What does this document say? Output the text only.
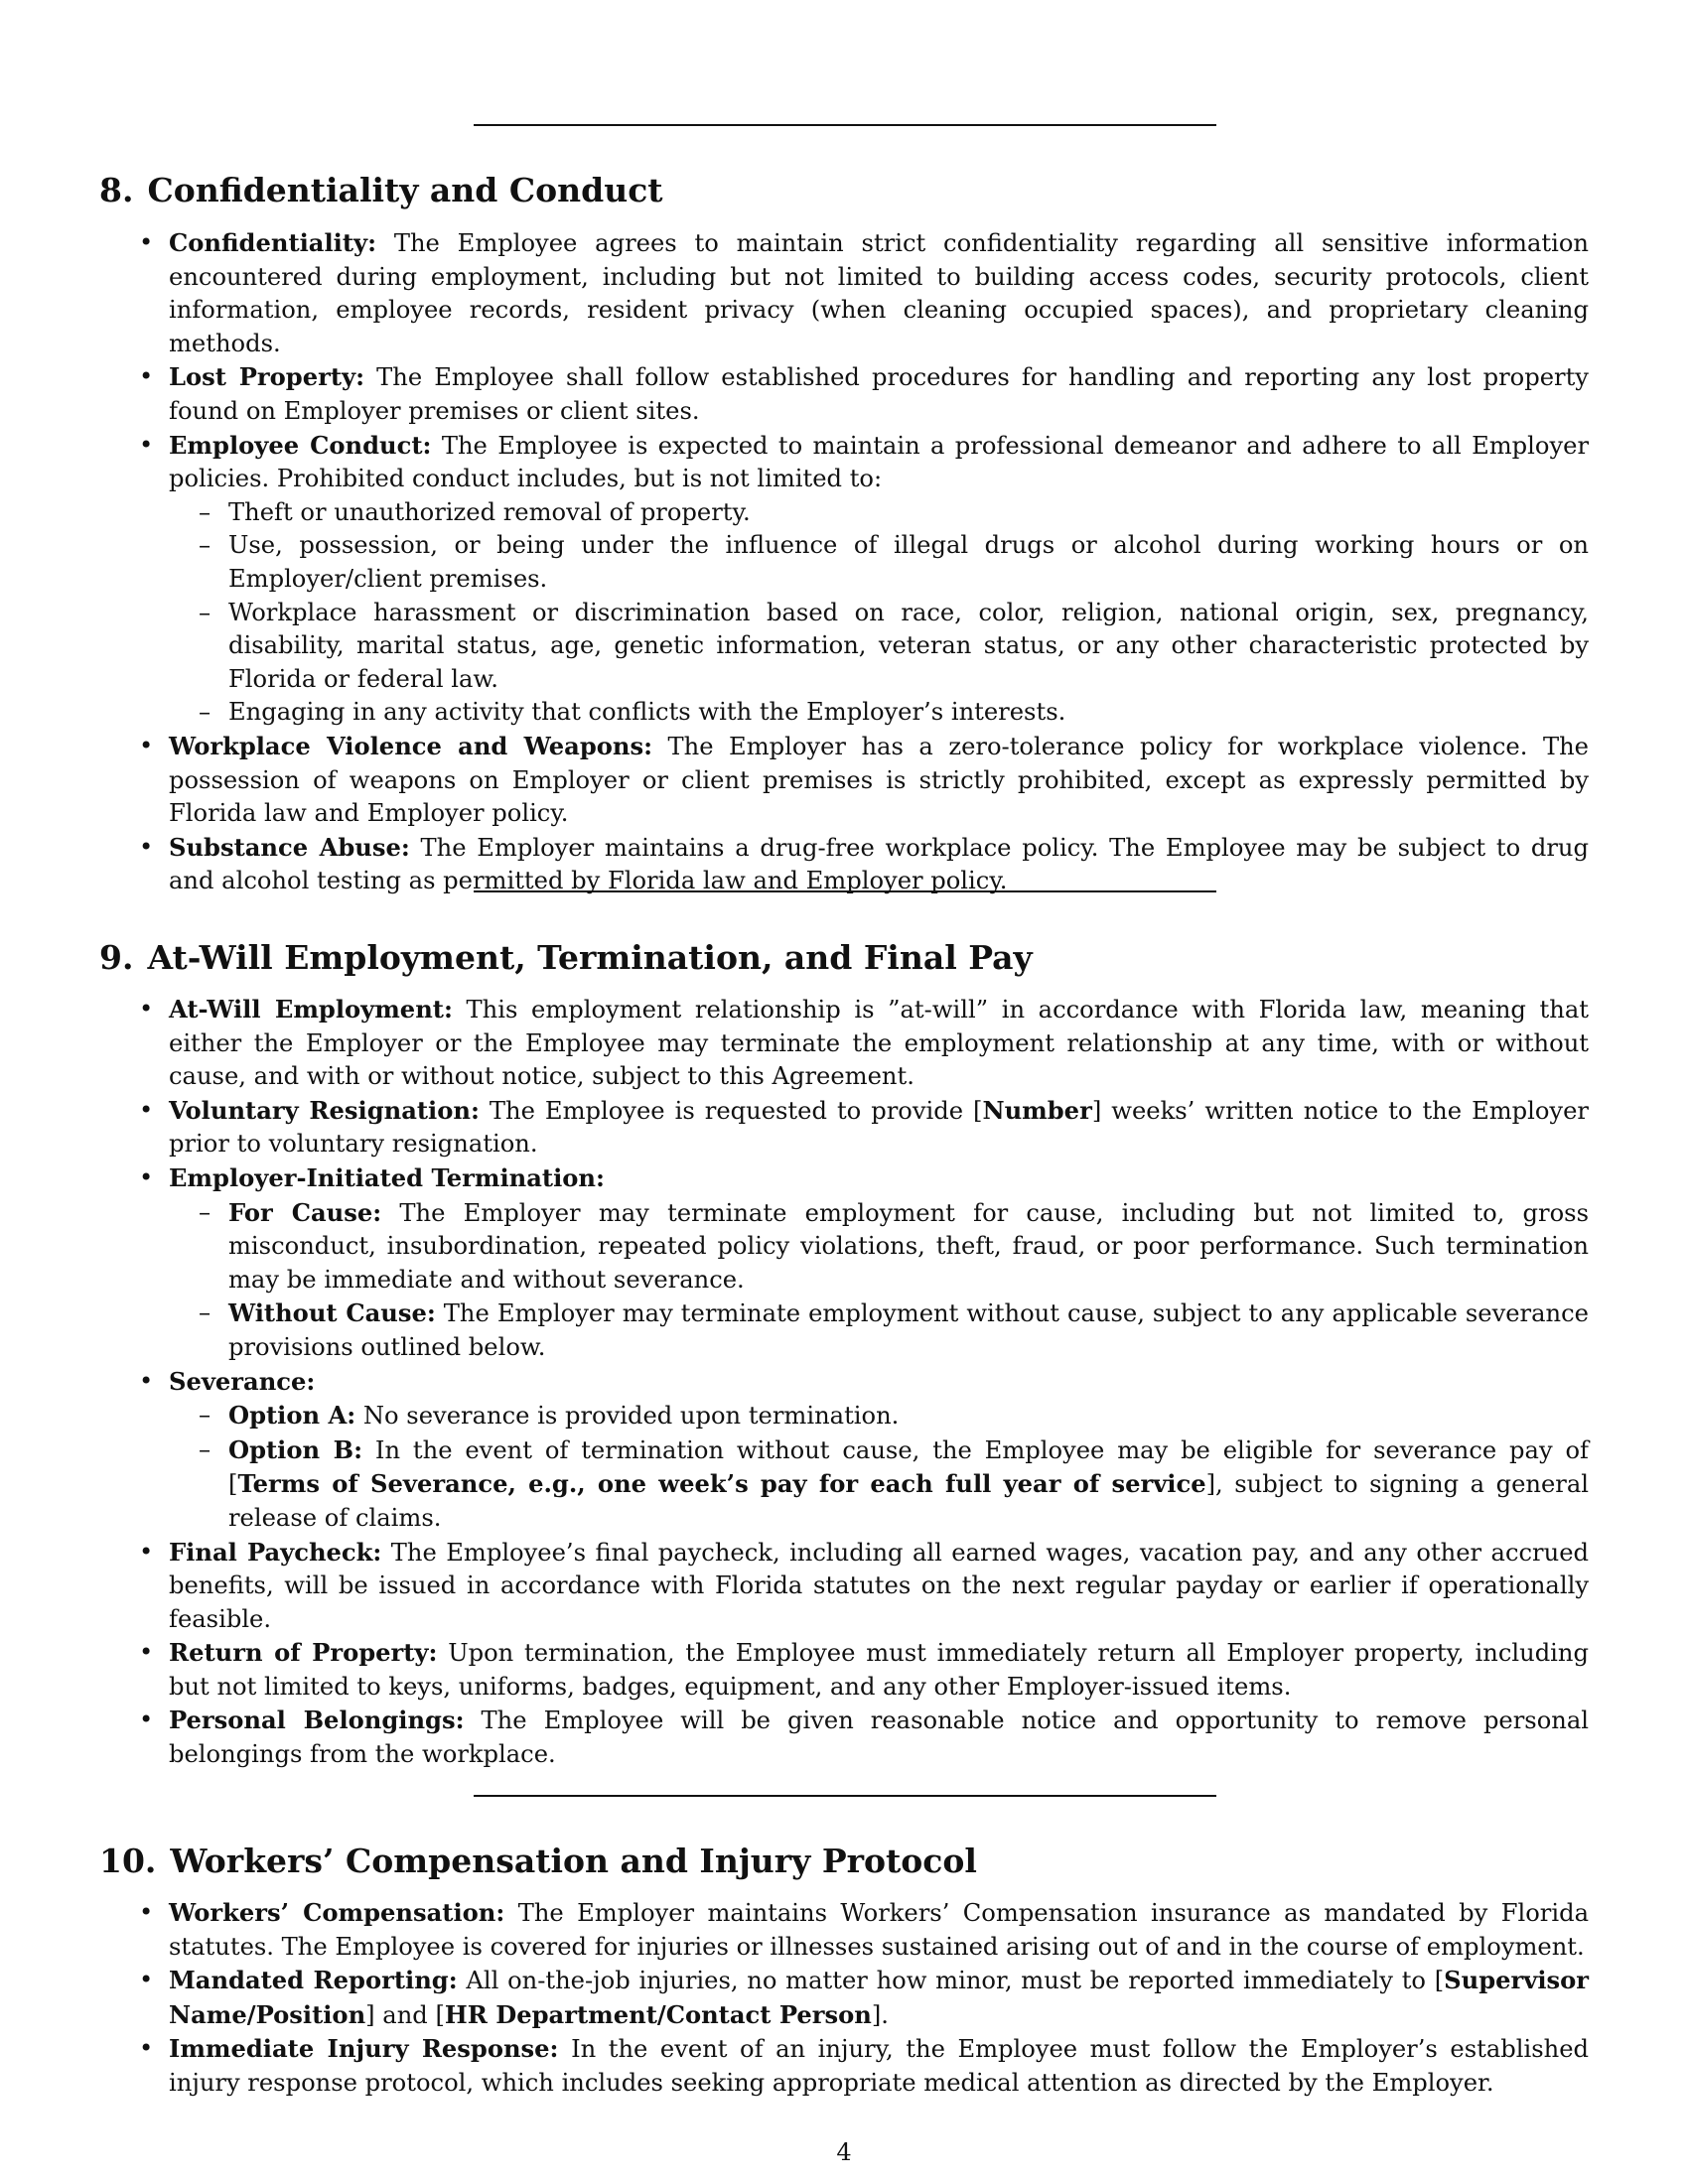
8. Confidentiality and Conduct
• Confidentiality: The Employee agrees to maintain strict confidentiality regarding all sensitive information encountered during employment, including but not limited to building access codes, security protocols, client information, employee records, resident privacy (when cleaning occupied spaces), and proprietary cleaning methods.
• Lost Property: The Employee shall follow established procedures for handling and reporting any lost property found on Employer premises or client sites.
• Employee Conduct: The Employee is expected to maintain a professional demeanor and adhere to all Employer policies. Prohibited conduct includes, but is not limited to:
– Theft or unauthorized removal of property.
– Use, possession, or being under the influence of illegal drugs or alcohol during working hours or on Employer/client premises.
– Workplace harassment or discrimination based on race, color, religion, national origin, sex, pregnancy, disability, marital status, age, genetic information, veteran status, or any other characteristic protected by Florida or federal law.
– Engaging in any activity that conflicts with the Employer’s interests.
• Workplace Violence and Weapons: The Employer has a zero-tolerance policy for workplace violence. The possession of weapons on Employer or client premises is strictly prohibited, except as expressly permitted by Florida law and Employer policy.
• Substance Abuse: The Employer maintains a drug-free workplace policy. The Employee may be subject to drug and alcohol testing as permitted by Florida law and Employer policy.
9. At-Will Employment, Termination, and Final Pay
• At-Will Employment: This employment relationship is ”at-will” in accordance with Florida law, meaning that either the Employer or the Employee may terminate the employment relationship at any time, with or without cause, and with or without notice, subject to this Agreement.
• Voluntary Resignation: The Employee is requested to provide [Number] weeks’ written notice to the Employer prior to voluntary resignation.
• Employer-Initiated Termination:
– For Cause: The Employer may terminate employment for cause, including but not limited to, gross misconduct, insubordination, repeated policy violations, theft, fraud, or poor performance. Such termination may be immediate and without severance.
– Without Cause: The Employer may terminate employment without cause, subject to any applicable severance provisions outlined below.
• Severance:
– Option A: No severance is provided upon termination.
– Option B: In the event of termination without cause, the Employee may be eligible for severance pay of [Terms of Severance, e.g., one week’s pay for each full year of service], subject to signing a general release of claims.
• Final Paycheck: The Employee’s final paycheck, including all earned wages, vacation pay, and any other accrued benefits, will be issued in accordance with Florida statutes on the next regular payday or earlier if operationally feasible.
• Return of Property: Upon termination, the Employee must immediately return all Employer property, including but not limited to keys, uniforms, badges, equipment, and any other Employer-issued items.
• Personal Belongings: The Employee will be given reasonable notice and opportunity to remove personal belongings from the workplace.
10. Workers’ Compensation and Injury Protocol
• Workers’ Compensation: The Employer maintains Workers’ Compensation insurance as mandated by Florida statutes. The Employee is covered for injuries or illnesses sustained arising out of and in the course of employment.
• Mandated Reporting: All on-the-job injuries, no matter how minor, must be reported immediately to [Supervisor Name/Position] and [HR Department/Contact Person].
• Immediate Injury Response: In the event of an injury, the Employee must follow the Employer’s established injury response protocol, which includes seeking appropriate medical attention as directed by the Employer.
4
